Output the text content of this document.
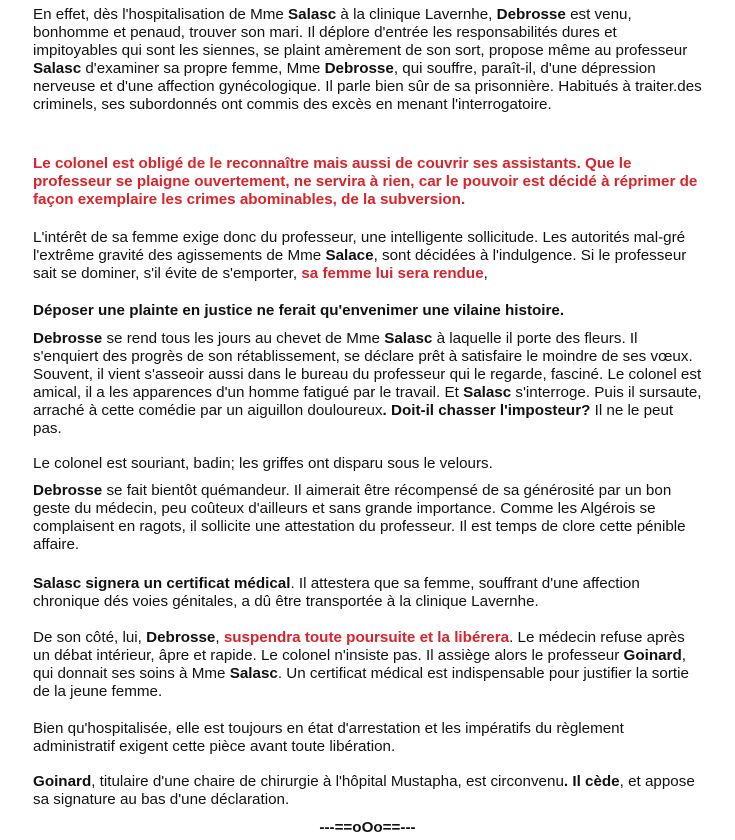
En effet, dès l'hospitalisation de Mme Salasc à la clinique Lavernhe, Debrosse est venu, bonhomme et penaud, trouver son mari. Il déplore d'entrée les responsabilités dures et impitoyables qui sont les siennes, se plaint amèrement de son sort, propose même au professeur Salasc d'examiner sa propre femme, Mme Debrosse, qui souffre, paraît-il, d'une dépression nerveuse et d'une affection gynécologique. Il parle bien sûr de sa prisonnière. Habitués à traiter.des criminels, ses subordonnés ont commis des excès en menant l'interrogatoire.

Le colonel est obligé de le reconnaître mais aussi de couvrir ses assistants. Que le professeur se plaigne ouvertement, ne servira à rien, car le pouvoir est décidé à réprimer de façon exemplaire les crimes abominables, de la subversion.

L'intérêt de sa femme exige donc du professeur, une intelligente sollicitude. Les autorités mal-gré l'extrême gravité des agissements de Mme Salace, sont décidées à l'indulgence. Si le professeur sait se dominer, s'il évite de s'emporter, sa femme lui sera rendue,

Déposer une plainte en justice ne ferait qu'envenimer une vilaine histoire.

Debrosse se rend tous les jours au chevet de Mme Salasc à laquelle il porte des fleurs. Il s'enquiert des progrès de son rétablissement, se déclare prêt à satisfaire le moindre de ses vœux. Souvent, il vient s'asseoir aussi dans le bureau du professeur qui le regarde, fasciné. Le colonel est amical, il a les apparences d'un homme fatigué par le travail. Et Salasc s'interroge. Puis il sursaute, arraché à cette comédie par un aiguillon douloureux. Doit-il chasser l'imposteur? Il ne le peut pas.

Le colonel est souriant, badin; les griffes ont disparu sous le velours.

Debrosse se fait bientôt quémandeur. Il aimerait être récompensé de sa générosité par un bon geste du médecin, peu coûteux d'ailleurs et sans grande importance. Comme les Algérois se complaisent en ragots, il sollicite une attestation du professeur. Il est temps de clore cette pénible affaire.

Salasc signera un certificat médical. Il attestera que sa femme, souffrant d'une affection chronique dés voies génitales, a dû être transportée à la clinique Lavernhe.

De son côté, lui, Debrosse, suspendra toute poursuite et la libérera. Le médecin refuse après un débat intérieur, âpre et rapide. Le colonel n'insiste pas. Il assiège alors le professeur Goinard, qui donnait ses soins à Mme Salasc. Un certificat médical est indispensable pour justifier la sortie de la jeune femme.

Bien qu'hospitalisée, elle est toujours en état d'arrestation et les impératifs du règlement administratif exigent cette pièce avant toute libération.

Goinard, titulaire d'une chaire de chirurgie à l'hôpital Mustapha, est circonvenu. Il cède, et appose sa signature au bas d'une déclaration.

---==oOo==---
